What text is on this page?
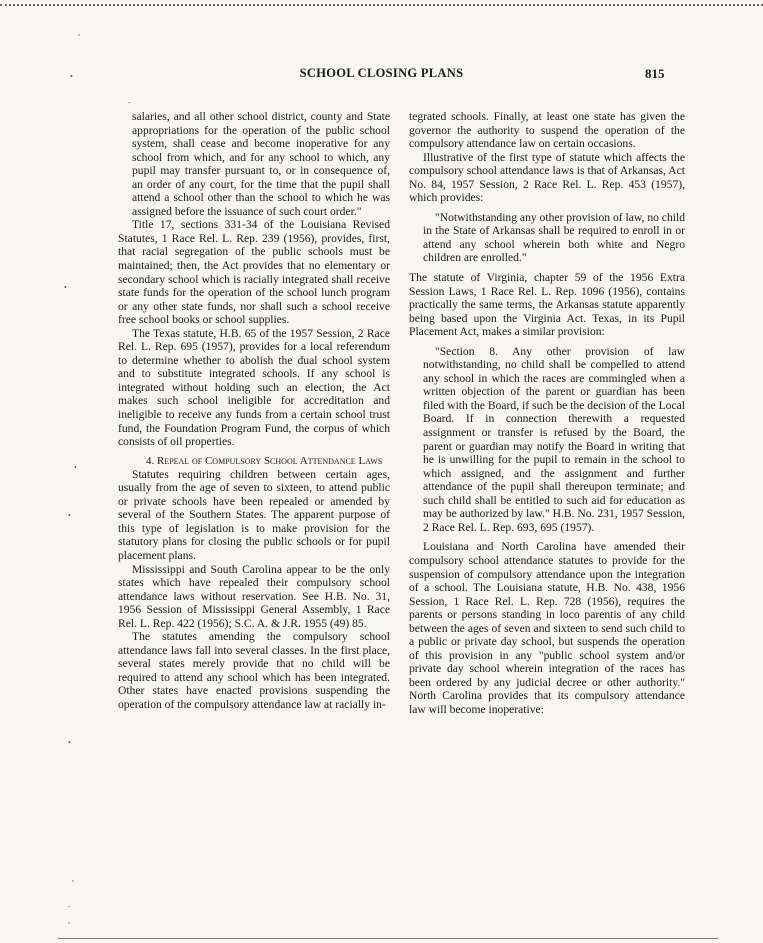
SCHOOL CLOSING PLANS	815
,
•
-
•
•
•
•
,
.
,

salaries, and all other school district, county and State appropriations for the operation of the public school system, shall cease and become inoperative for any school from which, and for any school to which, any pupil may transfer pursuant to, or in consequence of, an order of any court, for the time that the pupil shall attend a school other than the school to which he was assigned before the issuance of such court order."

Title 17, sections 331-34 of the Louisiana Revised Statutes, 1 Race Rel. L. Rep. 239 (1956), provides, first, that racial segregation of the public schools must be maintained; then, the Act provides that no elementary or secondary school which is racially integrated shall receive state funds for the operation of the school lunch program or any other state funds, nor shall such a school receive free school books or school supplies.

The Texas statute, H.B. 65 of the 1957 Session, 2 Race Rel. L. Rep. 695 (1957), provides for a local referendum to determine whether to abolish the dual school system and to substitute integrated schools. If any school is integrated without holding such an election, the Act makes such school ineligible for accreditation and ineligible to receive any funds from a certain school trust fund, the Foundation Program Fund, the corpus of which consists of oil properties.

4. Repeal of Compulsory School Attendance Laws

Statutes requiring children between certain ages, usually from the age of seven to sixteen, to attend public or private schools have been repealed or amended by several of the Southern States. The apparent purpose of this type of legislation is to make provision for the statutory plans for closing the public schools or for pupil placement plans.

Mississippi and South Carolina appear to be the only states which have repealed their compulsory school attendance laws without reservation. See H.B. No. 31, 1956 Session of Mississippi General Assembly, 1 Race Rel. L. Rep. 422 (1956); S.C. A. & J.R. 1955 (49) 85.

The statutes amending the compulsory school attendance laws fall into several classes. In the first place, several states merely provide that no child will be required to attend any school which has been integrated. Other states have enacted provisions suspending the operation of the compulsory attendance law at racially in-

tegrated schools. Finally, at least one state has given the governor the authority to suspend the operation of the compulsory attendance law on certain occasions.

Illustrative of the first type of statute which affects the compulsory school attendance laws is that of Arkansas, Act No. 84, 1957 Session, 2 Race Rel. L. Rep. 453 (1957), which provides:

"Notwithstanding any other provision of law, no child in the State of Arkansas shall be required to enroll in or attend any school wherein both white and Negro children are enrolled."

The statute of Virginia, chapter 59 of the 1956 Extra Session Laws, 1 Race Rel. L. Rep. 1096 (1956), contains practically the same terms, the Arkansas statute apparently being based upon the Virginia Act. Texas, in its Pupil Placement Act, makes a similar provision:

"Section 8. Any other provision of law notwithstanding, no child shall be compelled to attend any school in which the races are commingled when a written objection of the parent or guardian has been filed with the Board, if such be the decision of the Local Board. If in connection therewith a requested assignment or transfer is refused by the Board, the parent or guardian may notify the Board in writing that he is unwilling for the pupil to remain in the school to which assigned, and the assignment and further attendance of the pupil shall thereupon terminate; and such child shall be entitled to such aid for education as may be authorized by law." H.B. No. 231, 1957 Session, 2 Race Rel. L. Rep. 693, 695 (1957).

Louisiana and North Carolina have amended their compulsory school attendance statutes to provide for the suspension of compulsory attendance upon the integration of a school. The Louisiana statute, H.B. No. 438, 1956 Session, 1 Race Rel. L. Rep. 728 (1956), requires the parents or persons standing in loco parentis of any child between the ages of seven and sixteen to send such child to a public or private day school, but suspends the operation of this provision in any "public school system and/or private day school wherein integration of the races has been ordered by any judicial decree or other authority." North Carolina provides that its compulsory attendance law will become inoperative:
